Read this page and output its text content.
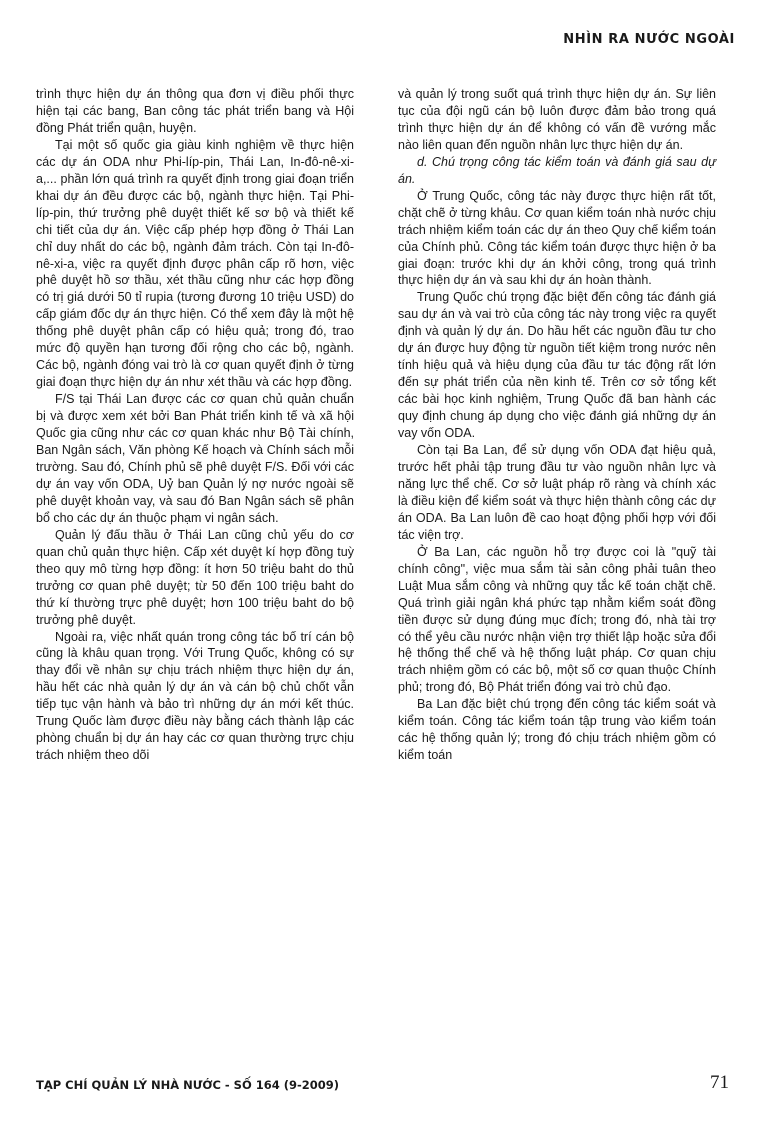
NHÌN RA NƯỚC NGOÀI

trình thực hiện dự án thông qua đơn vị điều phối thực hiện tại các bang, Ban công tác phát triển bang và Hội đồng Phát triển quận, huyện.

Tại một số quốc gia giàu kinh nghiệm về thực hiện các dự án ODA như Phi-líp-pin, Thái Lan, In-đô-nê-xi-a,... phần lớn quá trình ra quyết định trong giai đoạn triển khai dự án đều được các bộ, ngành thực hiện. Tại Phi-líp-pin, thứ trưởng phê duyệt thiết kế sơ bộ và thiết kế chi tiết của dự án. Việc cấp phép hợp đồng ở Thái Lan chỉ duy nhất do các bộ, ngành đảm trách. Còn tại In-đô-nê-xi-a, việc ra quyết định được phân cấp rõ hơn, việc phê duyệt hồ sơ thầu, xét thầu cũng như các hợp đồng có trị giá dưới 50 tỉ rupia (tương đương 10 triệu USD) do cấp giám đốc dự án thực hiện. Có thể xem đây là một hệ thống phê duyệt phân cấp có hiệu quả; trong đó, trao mức độ quyền hạn tương đối rộng cho các bộ, ngành. Các bộ, ngành đóng vai trò là cơ quan quyết định ở từng giai đoạn thực hiện dự án như xét thầu và các hợp đồng.

F/S tại Thái Lan được các cơ quan chủ quản chuẩn bị và được xem xét bởi Ban Phát triển kinh tế và xã hội Quốc gia cũng như các cơ quan khác như Bộ Tài chính, Ban Ngân sách, Văn phòng Kế hoạch và Chính sách mỗi trường. Sau đó, Chính phủ sẽ phê duyệt F/S. Đối với các dự án vay vốn ODA, Uỷ ban Quản lý nợ nước ngoài sẽ phê duyệt khoản vay, và sau đó Ban Ngân sách sẽ phân bổ cho các dự án thuộc phạm vi ngân sách.

Quản lý đấu thầu ở Thái Lan cũng chủ yếu do cơ quan chủ quản thực hiện. Cấp xét duyệt kí hợp đồng tuỳ theo quy mô từng hợp đồng: ít hơn 50 triệu baht do thủ trưởng cơ quan phê duyệt; từ 50 đến 100 triệu baht do thứ kí thường trực phê duyệt; hơn 100 triệu baht do bộ trưởng phê duyệt.

Ngoài ra, việc nhất quán trong công tác bố trí cán bộ cũng là khâu quan trọng. Với Trung Quốc, không có sự thay đổi về nhân sự chịu trách nhiệm thực hiện dự án, hầu hết các nhà quản lý dự án và cán bộ chủ chốt vẫn tiếp tục vận hành và bảo trì những dự án mới kết thúc. Trung Quốc làm được điều này bằng cách thành lập các phòng chuẩn bị dự án hay các cơ quan thường trực chịu trách nhiệm theo dõi

và quản lý trong suốt quá trình thực hiện dự án. Sự liên tục của đội ngũ cán bộ luôn được đảm bảo trong quá trình thực hiện dự án để không có vấn đề vướng mắc nào liên quan đến nguồn nhân lực thực hiện dự án.

d. Chú trọng công tác kiểm toán và đánh giá sau dự án.

Ở Trung Quốc, công tác này được thực hiện rất tốt, chặt chẽ ở từng khâu. Cơ quan kiểm toán nhà nước chịu trách nhiệm kiểm toán các dự án theo Quy chế kiểm toán của Chính phủ. Công tác kiểm toán được thực hiện ở ba giai đoạn: trước khi dự án khởi công, trong quá trình thực hiện dự án và sau khi dự án hoàn thành.

Trung Quốc chú trọng đặc biệt đến công tác đánh giá sau dự án và vai trò của công tác này trong việc ra quyết định và quản lý dự án. Do hầu hết các nguồn đầu tư cho dự án được huy động từ nguồn tiết kiệm trong nước nên tính hiệu quả và hiệu dụng của đầu tư tác động rất lớn đến sự phát triển của nền kinh tế. Trên cơ sở tổng kết các bài học kinh nghiệm, Trung Quốc đã ban hành các quy định chung áp dụng cho việc đánh giá những dự án vay vốn ODA.

Còn tại Ba Lan, để sử dụng vốn ODA đạt hiệu quả, trước hết phải tập trung đầu tư vào nguồn nhân lực và năng lực thể chế. Cơ sở luật pháp rõ ràng và chính xác là điều kiện để kiểm soát và thực hiện thành công các dự án ODA. Ba Lan luôn đề cao hoạt động phối hợp với đối tác viện trợ.

Ở Ba Lan, các nguồn hỗ trợ được coi là "quỹ tài chính công", việc mua sắm tài sản công phải tuân theo Luật Mua sắm công và những quy tắc kế toán chặt chẽ. Quá trình giải ngân khá phức tạp nhằm kiểm soát đồng tiền được sử dụng đúng mục đích; trong đó, nhà tài trợ có thể yêu cầu nước nhận viện trợ thiết lập hoặc sửa đổi hệ thống thể chế và hệ thống luật pháp. Cơ quan chịu trách nhiệm gồm có các bộ, một số cơ quan thuộc Chính phủ; trong đó, Bộ Phát triển đóng vai trò chủ đạo.

Ba Lan đặc biệt chú trọng đến công tác kiểm soát và kiểm toán. Công tác kiểm toán tập trung vào kiểm toán các hệ thống quản lý; trong đó chịu trách nhiệm gồm có kiểm toán

TẠP CHÍ QUẢN LÝ NHÀ NƯỚC - SỐ 164 (9-2009)	71
